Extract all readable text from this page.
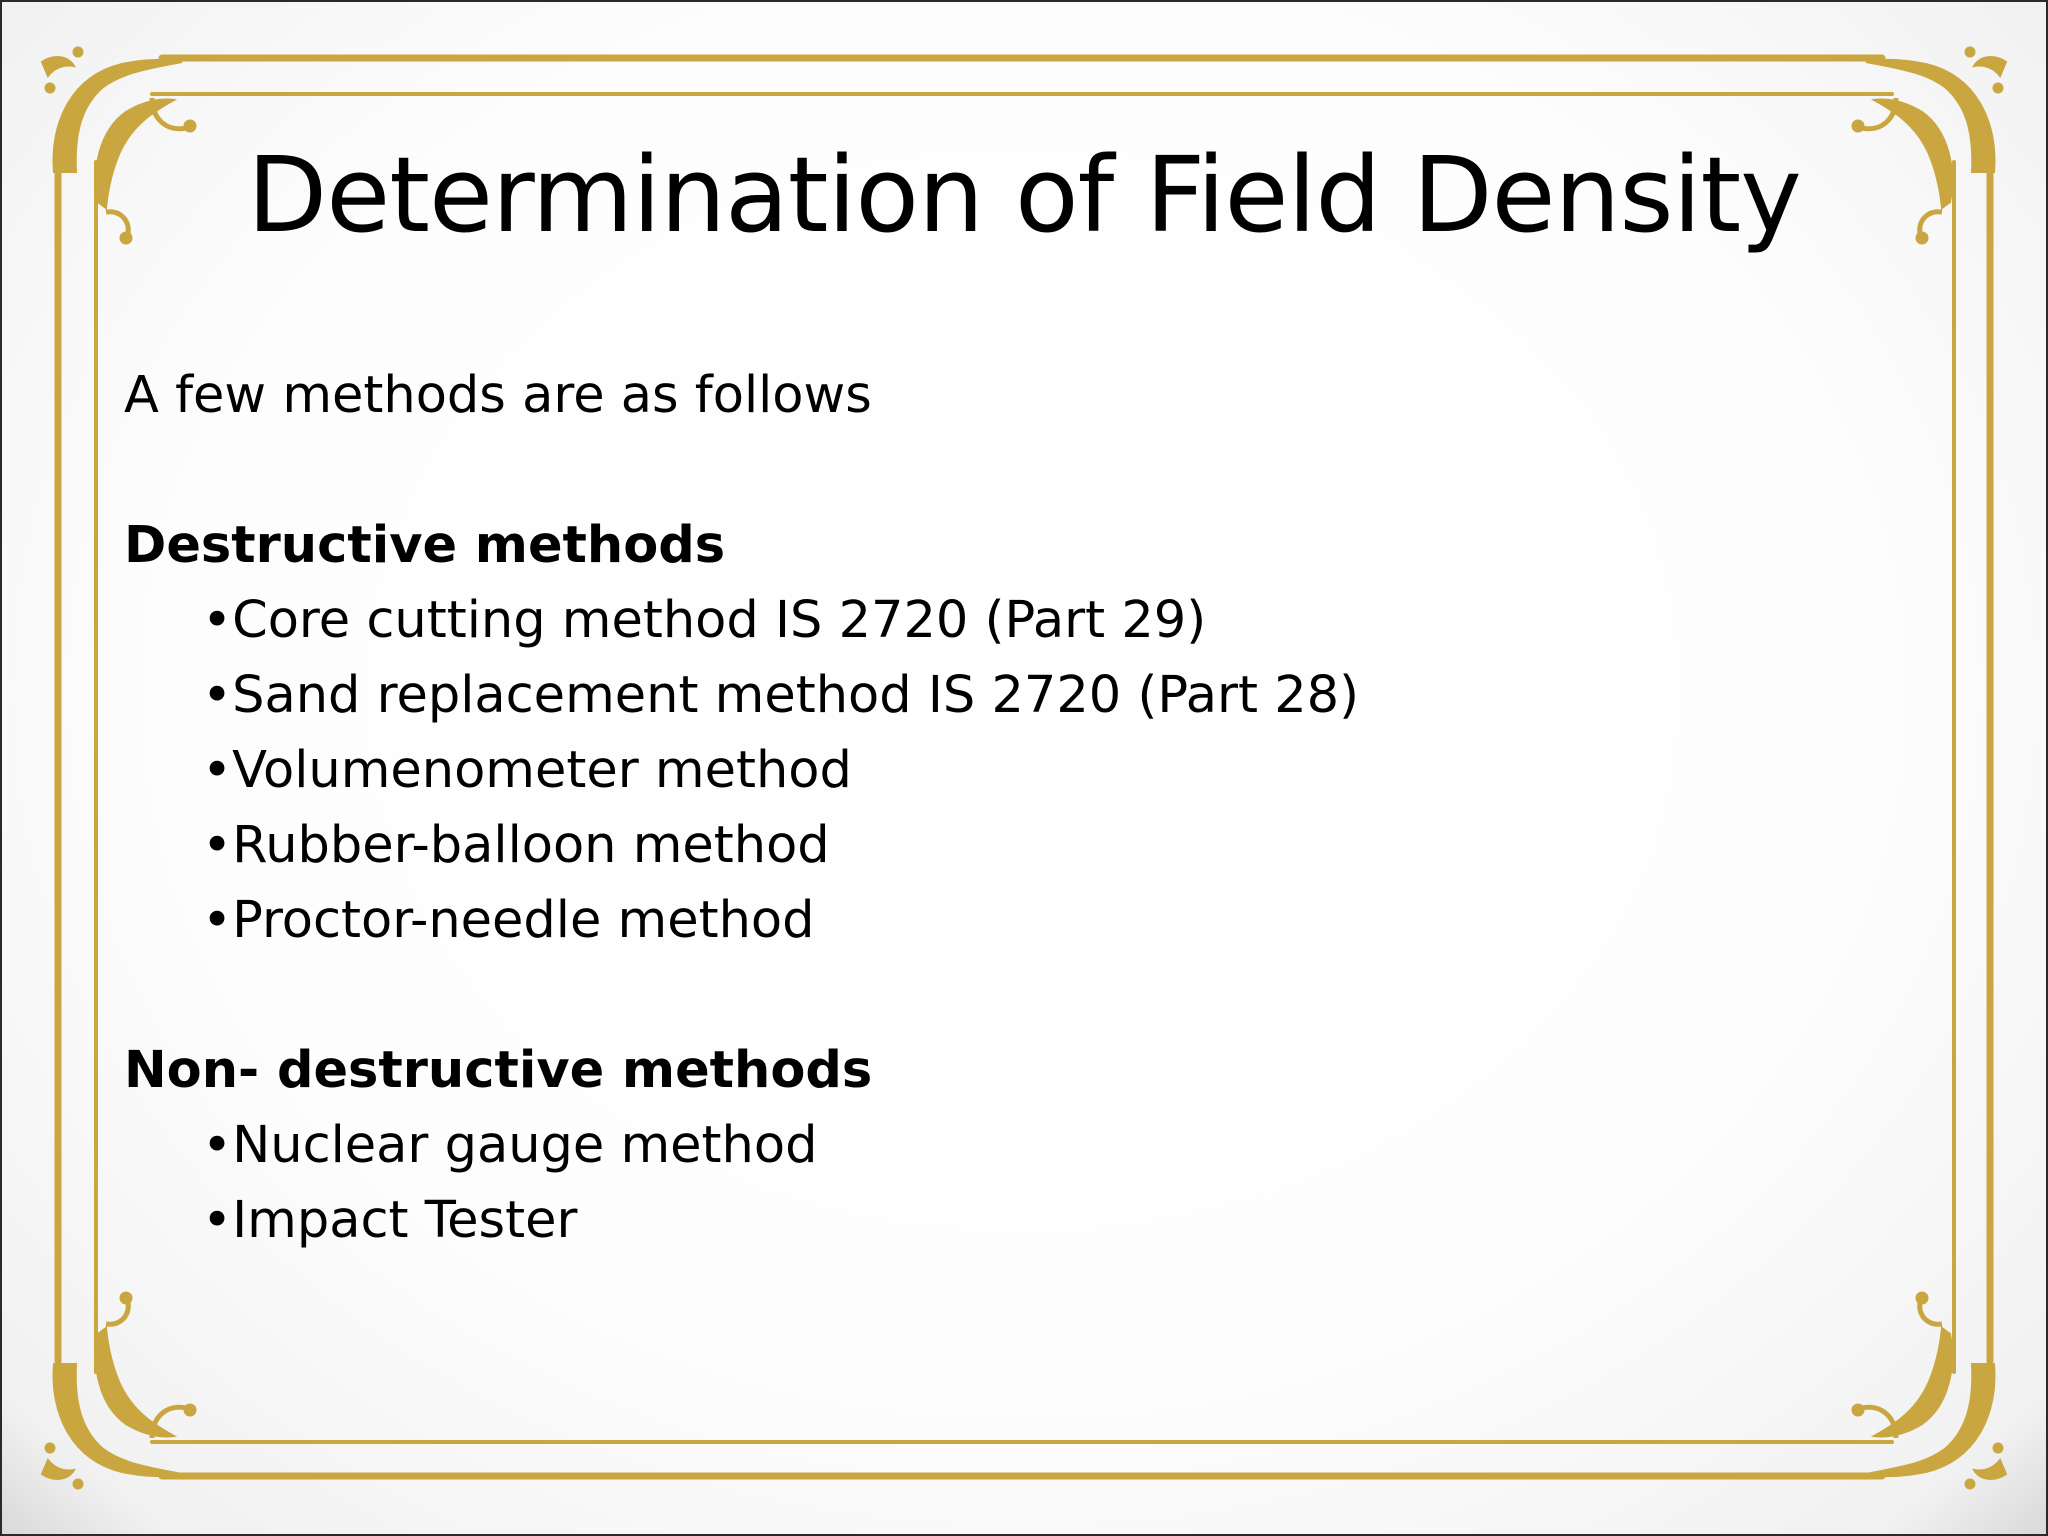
Determination of Field Density

A few methods are as follows

Destructive methods

•Core cutting method IS 2720 (Part 29)
•Sand replacement method IS 2720 (Part 28)
•Volumenometer method
•Rubber-balloon method
•Proctor-needle method

Non- destructive methods

•Nuclear gauge method
•Impact Tester
